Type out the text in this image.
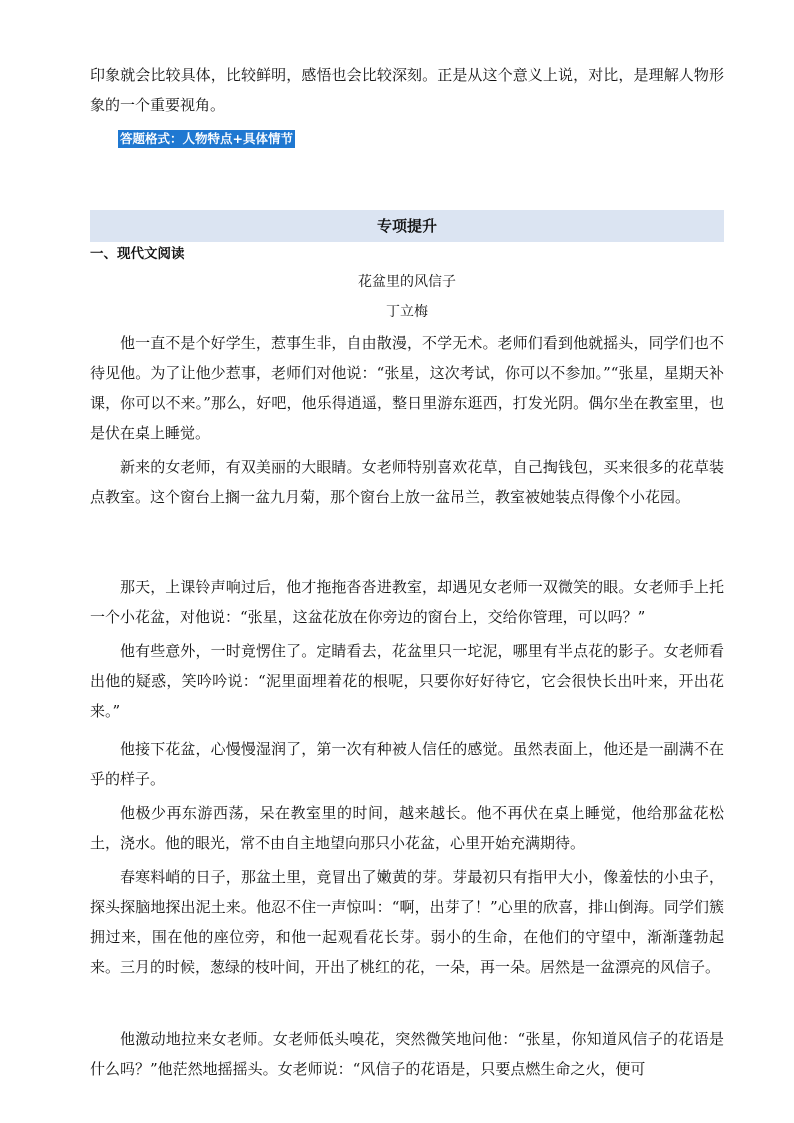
印象就会比较具体，比较鲜明，感悟也会比较深刻。正是从这个意义上说，对比，是理解人物形象的一个重要视角。

答题格式：人物特点+具体情节
专项提升
一、现代文阅读
花盆里的风信子
丁立梅

他一直不是个好学生，惹事生非，自由散漫，不学无术。老师们看到他就摇头，同学们也不待见他。为了让他少惹事，老师们对他说：“张星，这次考试，你可以不参加。”“张星，星期天补课，你可以不来。”那么，好吧，他乐得逍遥，整日里游东逛西，打发光阴。偶尔坐在教室里，也是伏在桌上睡觉。

新来的女老师，有双美丽的大眼睛。女老师特别喜欢花草，自己掏钱包，买来很多的花草装点教室。这个窗台上搁一盆九月菊，那个窗台上放一盆吊兰，教室被她装点得像个小花园。

那天，上课铃声响过后，他才拖拖沓沓进教室，却遇见女老师一双微笑的眼。女老师手上托一个小花盆，对他说：“张星，这盆花放在你旁边的窗台上，交给你管理，可以吗？”

他有些意外，一时竟愣住了。定睛看去，花盆里只一坨泥，哪里有半点花的影子。女老师看出他的疑惑，笑吟吟说：“泥里面埋着花的根呢，只要你好好待它，它会很快长出叶来，开出花来。”

他接下花盆，心慢慢湿润了，第一次有种被人信任的感觉。虽然表面上，他还是一副满不在乎的样子。

他极少再东游西荡，呆在教室里的时间，越来越长。他不再伏在桌上睡觉，他给那盆花松土，浇水。他的眼光，常不由自主地望向那只小花盆，心里开始充满期待。

春寒料峭的日子，那盆土里，竟冒出了嫩黄的芽。芽最初只有指甲大小，像羞怯的小虫子，探头探脑地探出泥土来。他忍不住一声惊叫：“啊，出芽了！”心里的欣喜，排山倒海。同学们簇拥过来，围在他的座位旁，和他一起观看花长芽。弱小的生命，在他们的守望中，渐渐蓬勃起来。三月的时候，葱绿的枝叶间，开出了桃红的花，一朵，再一朵。居然是一盆漂亮的风信子。

他激动地拉来女老师。女老师低头嗅花，突然微笑地问他：“张星，你知道风信子的花语是什么吗？”他茫然地摇摇头。女老师说：“风信子的花语是，只要点燃生命之火，便可
